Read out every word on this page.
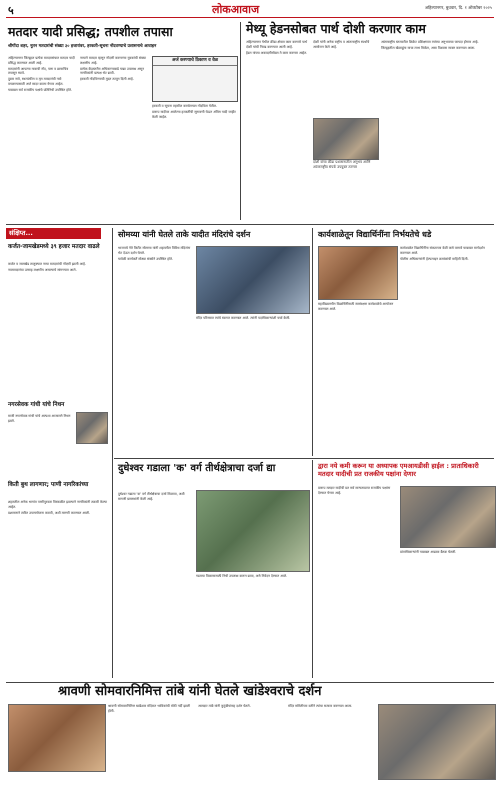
५	लोकआवाज	अहिल्यानगर, बुधवार, दि. १ ऑक्टोबर २०२५
मतदार यादी प्रसिद्ध; तपशील तपासा
श्रीगोंदा शहर, नूतन मतदारांची संख्या ३० हजारांवर, हरकती-सूचना नोंदवण्याचे प्रशासनाचे आवाहन

अहिल्यानगर जिल्ह्यात प्रत्येक मतदारसंघात मतदार यादी प्रसिद्ध करण्यात आली आहे.

मतदारांनी आपल्या नावाची नोंद, पत्ता व छायाचित्र तपासून घ्यावे.

दुबार नावे, स्थलांतरित व मृत मतदारांची नावे वगळण्यासाठी अर्ज सादर करता येणार आहेत.

याबाबत सर्व राजकीय पक्षांचे प्रतिनिधी उपस्थित होते.

नव्याने मतदार म्हणून नोंदणी करणाऱ्या युवकांची संख्या लक्षणीय आहे.

प्रत्येक केंद्रस्तरीय अधिकाऱ्याकडे याद्या उपलब्ध असून नागरिकांनी प्रत्यक्ष भेट द्यावी.

हरकती नोंदविण्याची मुदत ठरवून दिली आहे.

अर्ज करण्याचे ठिकाण व वेळ

हरकती व सूचना तहसील कार्यालयात नोंदविता येतील.

प्रारूप यादीवर आलेल्या हरकतींची सुनावणी घेऊन अंतिम यादी जाहीर केली जाईल.

मेथ्यू हेडनसोबत पार्थ दोशी करणार काम

अहिल्यानगर येथील क्रीडा क्षेत्रात काम करणारे पार्थ दोशी यांची निवड करण्यात आली आहे.

हेडन यांच्या अकादमीसोबत ते काम करणार आहेत.

दोशी यांनी अनेक राष्ट्रीय व आंतरराष्ट्रीय स्पर्धांचे आयोजन केले आहे.

दोशी यांचा क्रीडा प्रशासनातील अनुभव आणि आंतरराष्ट्रीय संपर्क उपयुक्त ठरणार

आंतरराष्ट्रीय स्तरावरील क्रिकेट प्रशिक्षणात त्यांच्या अनुभवाचा फायदा होणार आहे.

जिल्ह्यातील खेळाडूंना याचा लाभ मिळेल, असा विश्वास व्यक्त करण्यात आला.

संक्षिप्त...
कर्जत-जामखेडमध्ये ३९ हजार मतदार वाढले

कर्जत व जामखेड तालुक्यात नव्या मतदारांची नोंदणी झाली आहे.

नवमतदारांचा उत्साह लक्षणीय असल्याचे सांगण्यात आले.

नगरसेवक गांधी यांचे निधन

माजी नगरसेवक गांधी यांचे अल्पशा आजाराने निधन झाले.

किती बुथ लागणार; पाणी नागरिकांच्या

शहरातील अनेक भागांत पाणीपुरवठा विस्कळीत झाल्याने नागरिकांनी तक्रारी केल्या आहेत.

प्रशासनाने त्वरित उपाययोजना करावी, अशी मागणी करण्यात आली.

सोमय्या यांनी घेतले ताके यादीत मंदिरांचे दर्शन

भाजपचे नेते किरीट सोमय्या यांनी शहरातील विविध मंदिरांना भेट देऊन दर्शन घेतले.

यावेळी कार्यकर्ते मोठ्या संख्येने उपस्थित होते.

मंदिर परिसरात त्यांचे स्वागत करण्यात आले. त्यांनी पदाधिकाऱ्यांशी चर्चा केली.

कार्यशाळेतून विद्यार्थिनींना निर्भयतेचे धडे

महाविद्यालयीन विद्यार्थिनींसाठी स्वसंरक्षण कार्यशाळेचे आयोजन करण्यात आले.

कार्यशाळेत विद्यार्थिनींना संकटाच्या वेळी कसे वागावे याबाबत मार्गदर्शन करण्यात आले.

पोलीस अधिकाऱ्यांनी हेल्पलाइन क्रमांकांची माहिती दिली.

दुधेश्वर गडाला 'क' वर्ग तीर्थक्षेत्राचा दर्जा द्या

दुधेश्वर गडाला 'क' वर्ग तीर्थक्षेत्राचा दर्जा मिळावा, अशी मागणी ग्रामस्थांनी केली आहे.

गडाच्या विकासासाठी निधी उपलब्ध करून द्यावा, असे निवेदन देण्यात आले.

द्वारा नये कमी करून या अध्यापक एमआयडीसी हाईल : प्राताधिकारी मतदार यादीची प्रत राजकीय पक्षांना देणार

प्रारूप मतदार यादीची प्रत सर्व मान्यताप्राप्त राजकीय पक्षांना देण्यात येणार आहे.

प्रांताधिकाऱ्यांनी याबाबत आढावा बैठक घेतली.

श्रावणी सोमवारनिमित्त तांबे यांनी घेतले खांडेश्वराचे दर्शन

श्रावणी सोमवारनिमित्त खांडेश्वर मंदिरात भाविकांची मोठी गर्दी झाली होती.

आमदार तांबे यांनी कुटुंबीयांसह दर्शन घेतले.	मंदिर समितीच्या वतीने त्यांचा सत्कार करण्यात आला.
